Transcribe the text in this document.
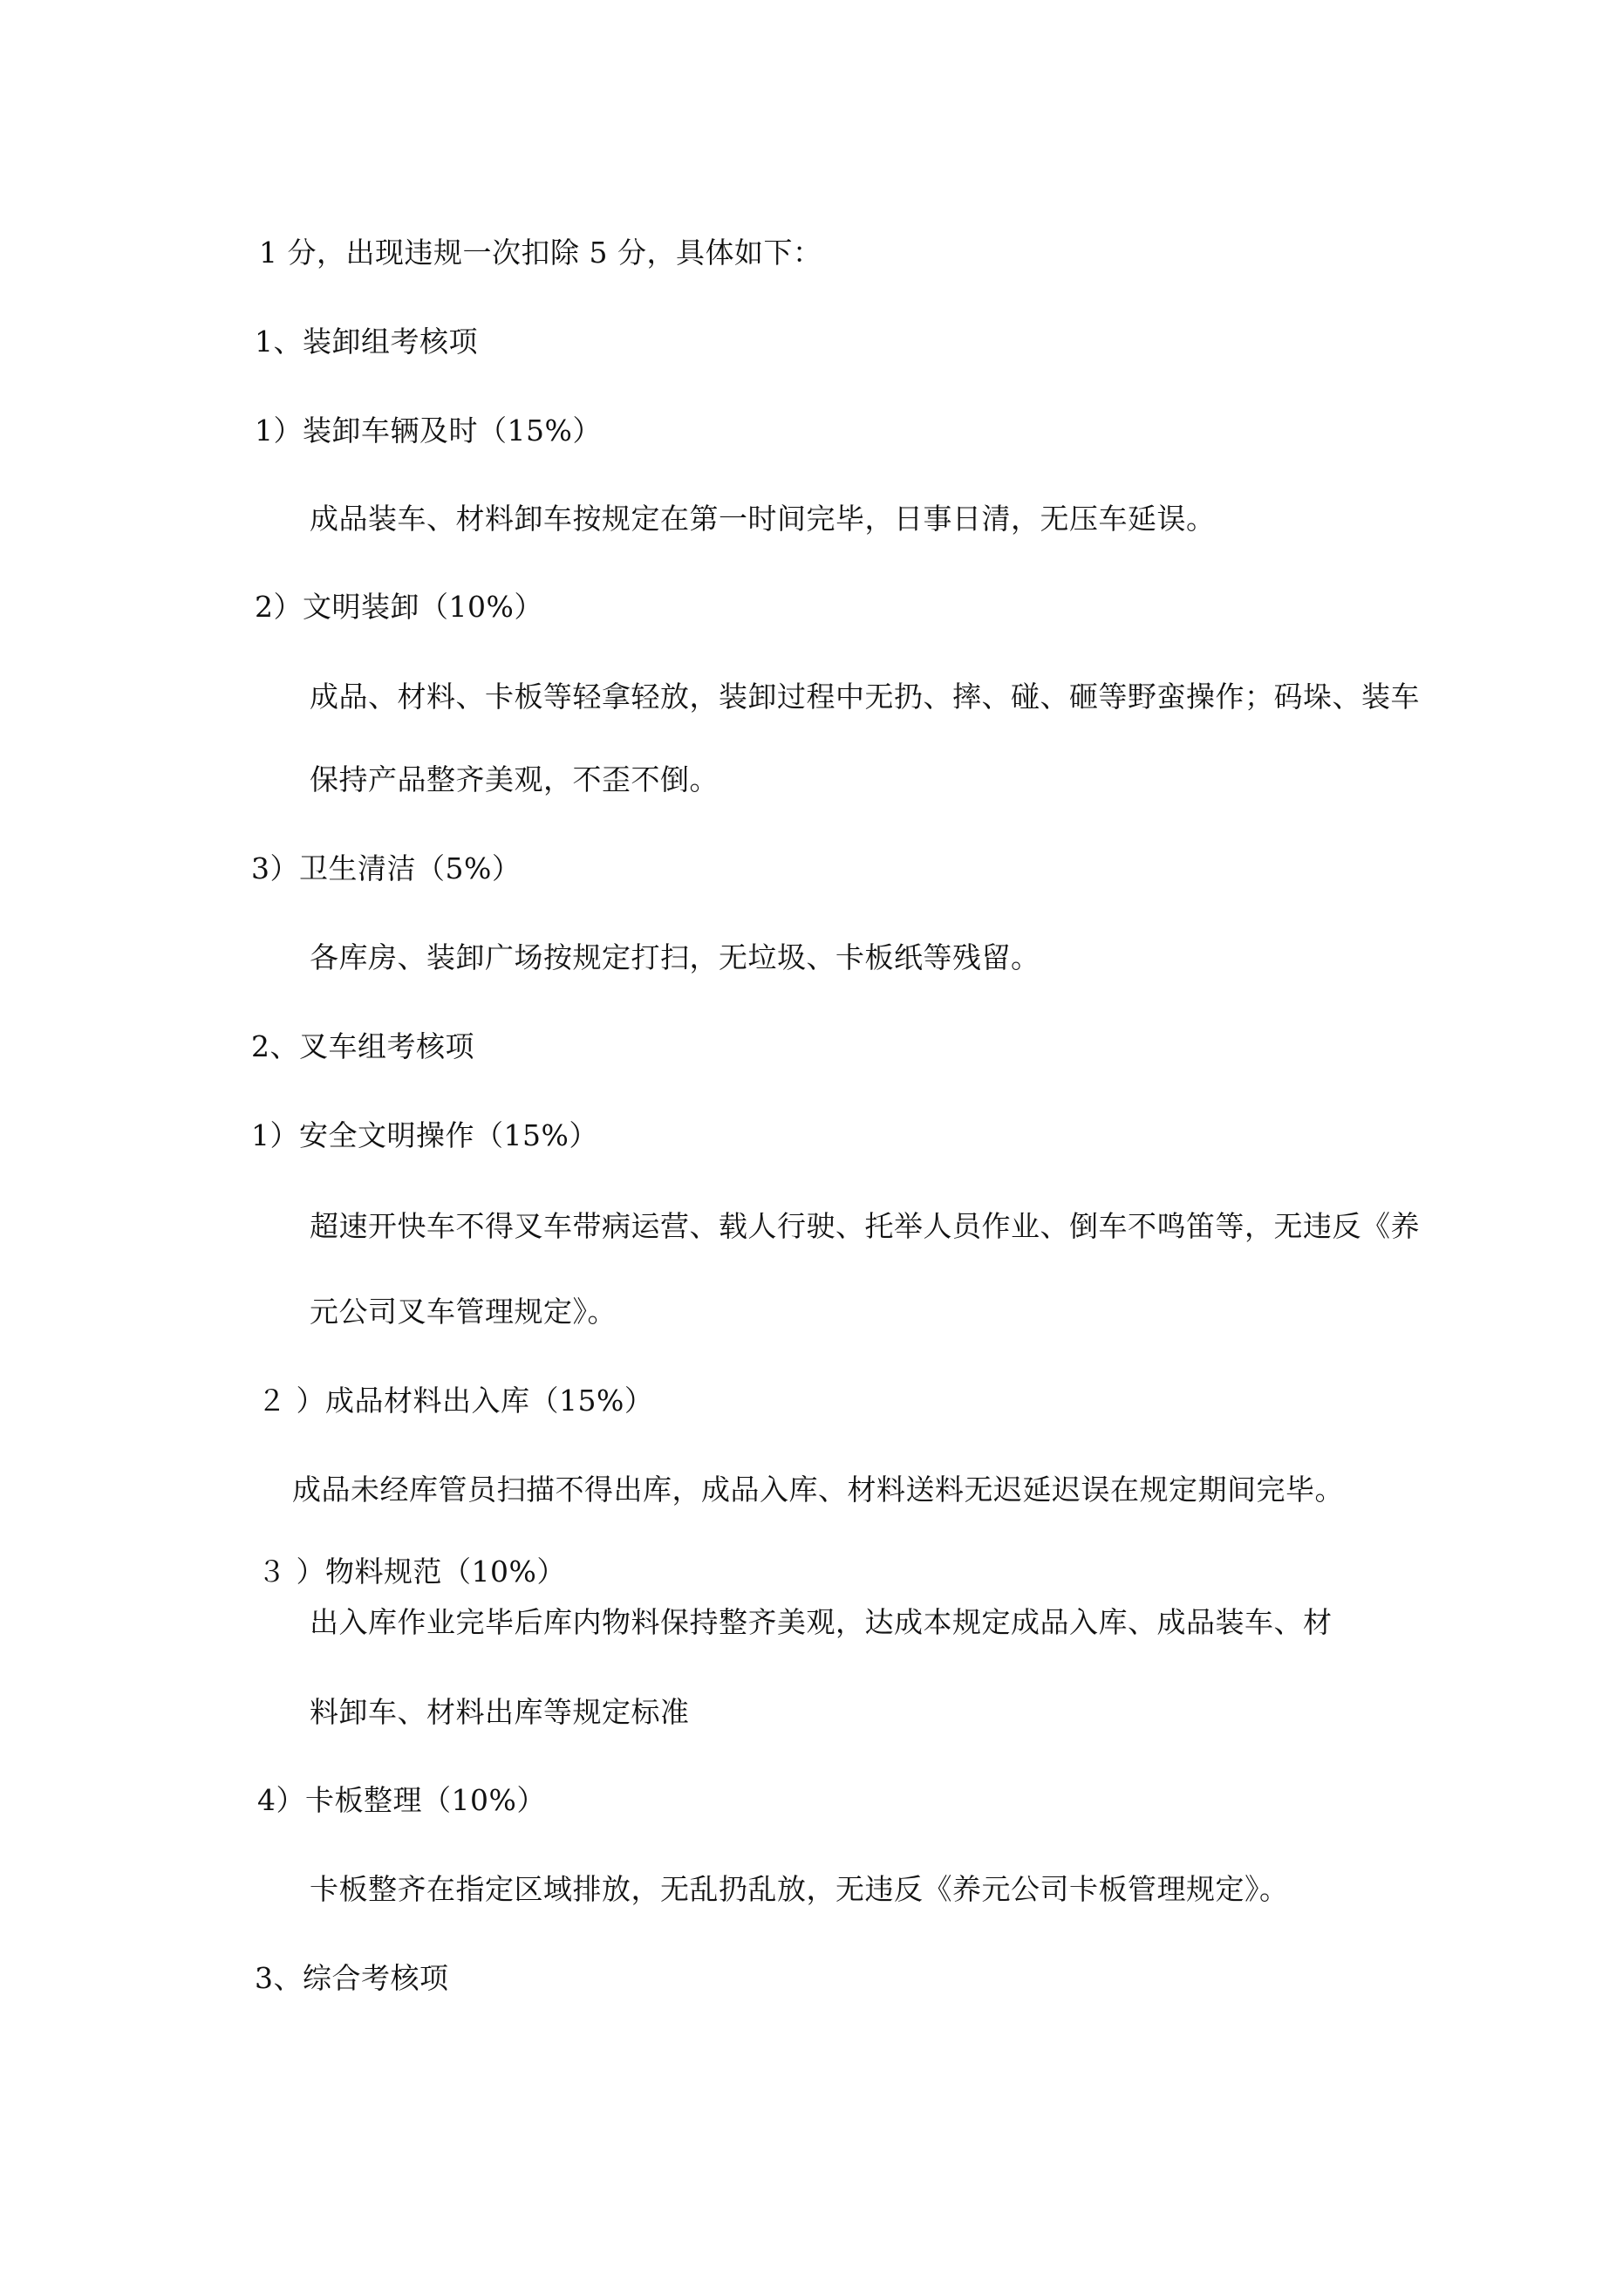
1 分，出现违规一次扣除 5 分，具体如下：
1、装卸组考核项
1）装卸车辆及时（15%）
成品装车、材料卸车按规定在第一时间完毕，日事日清，无压车延误。
2）文明装卸（10%）
成品、材料、卡板等轻拿轻放，装卸过程中无扔、摔、碰、砸等野蛮操作；码垛、装车
保持产品整齐美观，不歪不倒。
3）卫生清洁（5%）
各库房、装卸广场按规定打扫，无垃圾、卡板纸等残留。
2、叉车组考核项
1）安全文明操作（15%）
超速开快车不得叉车带病运营、载人行驶、托举人员作业、倒车不鸣笛等，无违反《养
元公司叉车管理规定》。
２ ）成品材料出入库（15%）
成品未经库管员扫描不得出库，成品入库、材料送料无迟延迟误在规定期间完毕。
３ ）物料规范（10%）
出入库作业完毕后库内物料保持整齐美观，达成本规定成品入库、成品装车、材
料卸车、材料出库等规定标准
4）卡板整理（10%）
卡板整齐在指定区域排放，无乱扔乱放，无违反《养元公司卡板管理规定》。
3、综合考核项
